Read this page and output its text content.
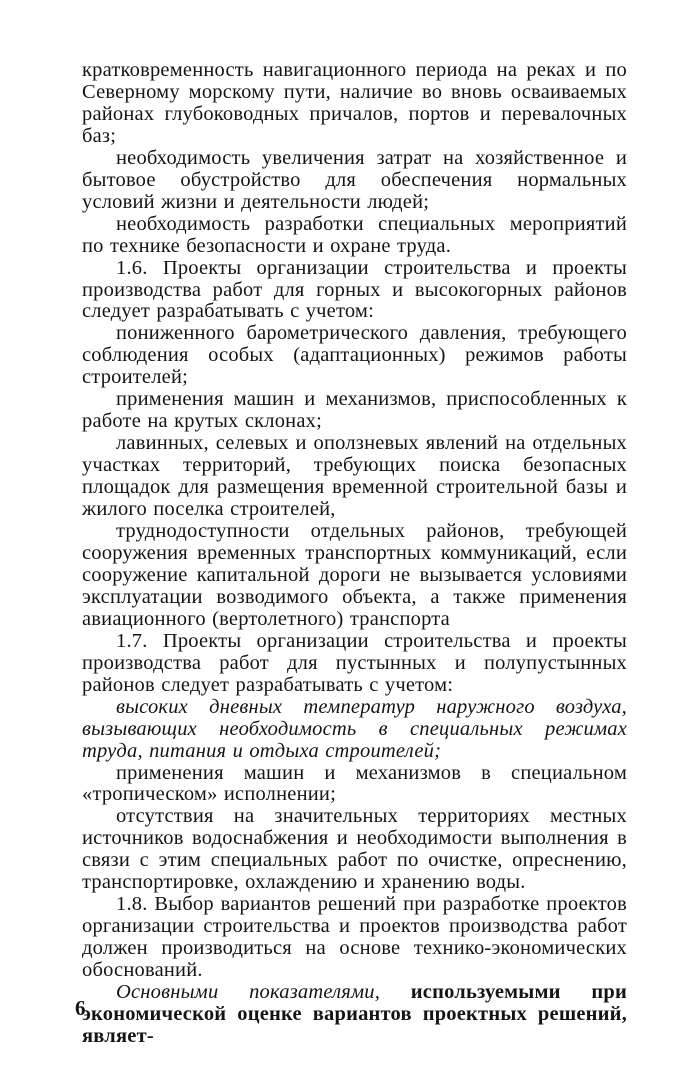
кратковременность навигационного периода на реках и по Северному морскому пути, наличие во вновь осваиваемых районах глубоководных причалов, портов и перевалочных баз;

необходимость увеличения затрат на хозяйственное и бытовое обустройство для обеспечения нормальных условий жизни и деятельности людей;

необходимость разработки специальных мероприятий по технике безопасности и охране труда.

1.6. Проекты организации строительства и проекты производства работ для горных и высокогорных районов следует разрабатывать с учетом:

пониженного барометрического давления, требующего соблюдения особых (адаптационных) режимов работы строителей;

применения машин и механизмов, приспособленных к работе на крутых склонах;

лавинных, селевых и оползневых явлений на отдельных участках территорий, требующих поиска безопасных площадок для размещения временной строительной базы и жилого поселка строителей,

труднодоступности отдельных районов, требующей сооружения временных транспортных коммуникаций, если сооружение капитальной дороги не вызывается условиями эксплуатации возводимого объекта, а также применения авиационного (вертолетного) транспорта

1.7. Проекты организации строительства и проекты производства работ для пустынных и полупустынных районов следует разрабатывать с учетом:

высоких дневных температур наружного воздуха, вызывающих необходимость в специальных режимах труда, питания и отдыха строителей;

применения машин и механизмов в специальном «тропическом» исполнении;

отсутствия на значительных территориях местных источников водоснабжения и необходимости выполнения в связи с этим специальных работ по очистке, опреснению, транспортировке, охлаждению и хранению воды.

1.8. Выбор вариантов решений при разработке проектов организации строительства и проектов производства работ должен производиться на основе технико-экономических обоснований.

Основными показателями, используемыми при экономической оценке вариантов проектных решений, являет-

6
